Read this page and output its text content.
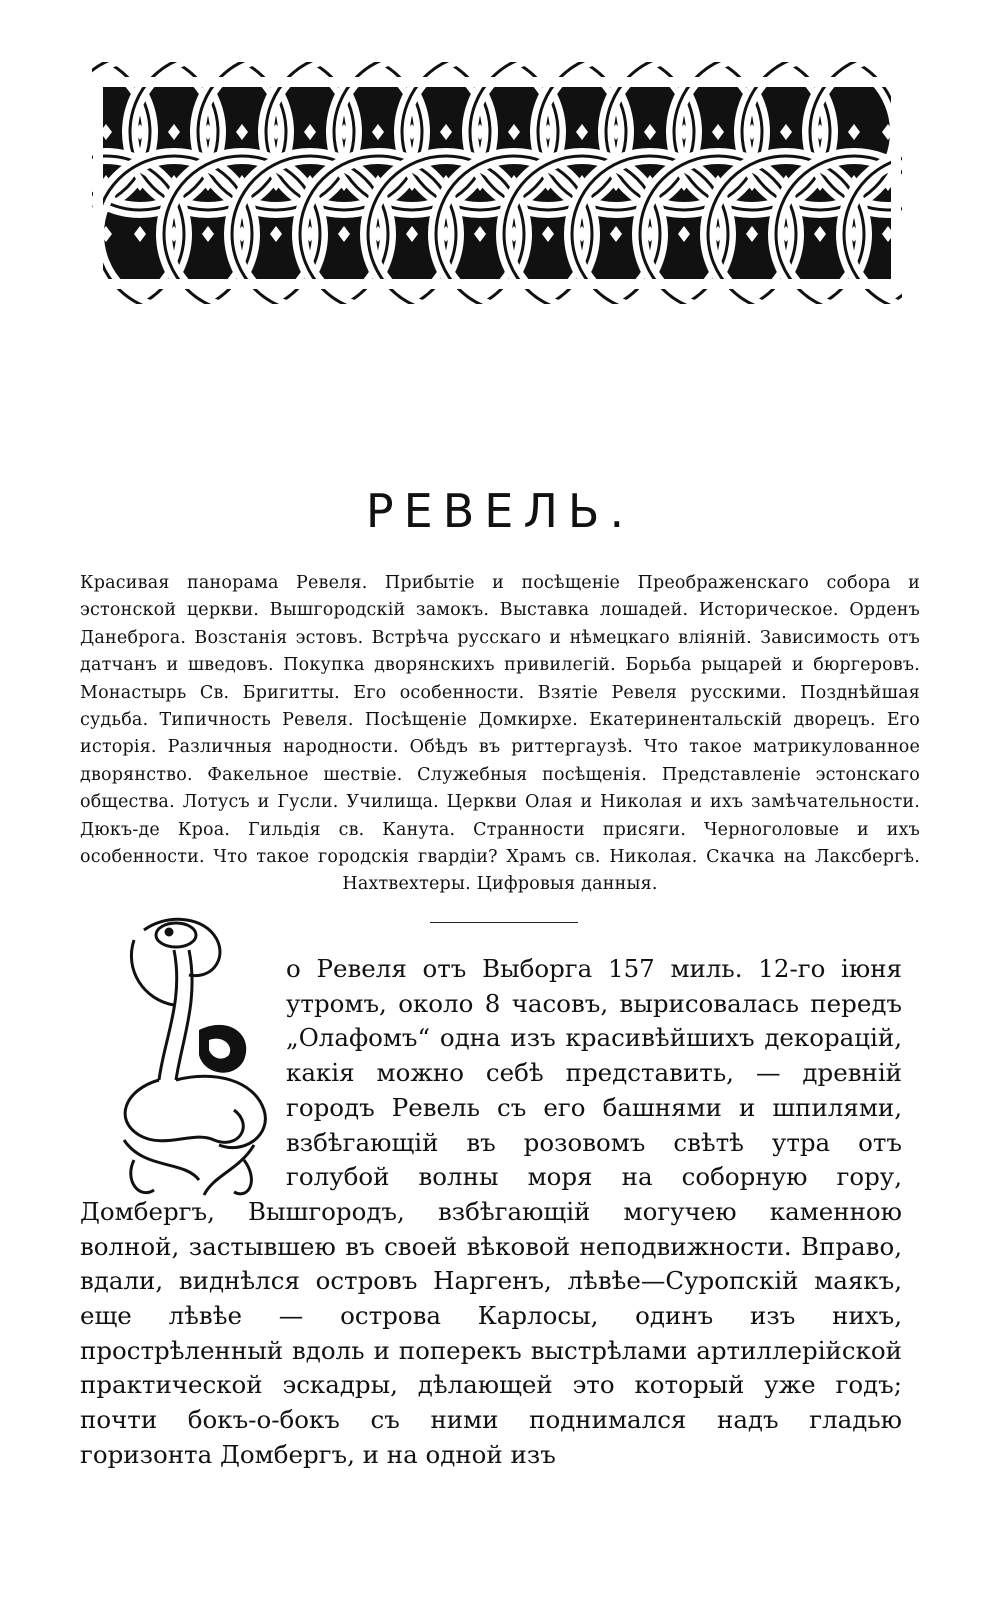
РЕВЕЛЬ.

Красивая панорама Ревеля. Прибытіе и посѣщеніе Преображенскаго собора и эстонской церкви. Вышгородскій замокъ. Выставка лошадей. Историческое. Орденъ Данеброга. Возстанія эстовъ. Встрѣча русскаго и нѣмецкаго вліяній. Зависимость отъ датчанъ и шведовъ. Покупка дворянскихъ привилегій. Борьба рыцарей и бюргеровъ. Монастырь Св. Бригитты. Его особенности. Взятіе Ревеля русскими. Позднѣйшая судьба. Типичность Ревеля. Посѣщеніе Домкирхе. Екатеринентальскій дворецъ. Его исторія. Различныя народности. Обѣдъ въ риттергаузѣ. Что такое матрикулованное дворянство. Факельное шествіе. Служебныя посѣщенія. Представленіе эстонскаго общества. Лотусъ и Гусли. Училища. Церкви Олая и Николая и ихъ замѣчательности. Дюкъ-де Кроа. Гильдія св. Канута. Странности присяги. Черноголовые и ихъ особенности. Что такое городскія гвардіи? Храмъ св. Николая. Скачка на Лаксбергѣ. Нахтвехтеры. Цифровыя данныя.

о Ревеля отъ Выборга 157 миль. 12-го іюня утромъ, около 8 часовъ, вырисовалась передъ „Олафомъ“ одна изъ красивѣйшихъ декорацій, какія можно себѣ представить, — древній городъ Ревель съ его башнями и шпилями, взбѣгающій въ розовомъ свѣтѣ утра отъ голубой волны моря на соборную гору, Домбергъ, Вышгородъ, взбѣгающій могучею каменною волной, застывшею въ своей вѣковой неподвижности. Вправо, вдали, виднѣлся островъ Наргенъ, лѣвѣе—Суропскій маякъ, еще лѣвѣе — острова Карлосы, одинъ изъ нихъ, прострѣленный вдоль и поперекъ выстрѣлами артиллерійской практической эскадры, дѣлающей это который уже годъ; почти бокъ-о-бокъ съ ними поднимался надъ гладью горизонта Домбергъ, и на одной изъ
